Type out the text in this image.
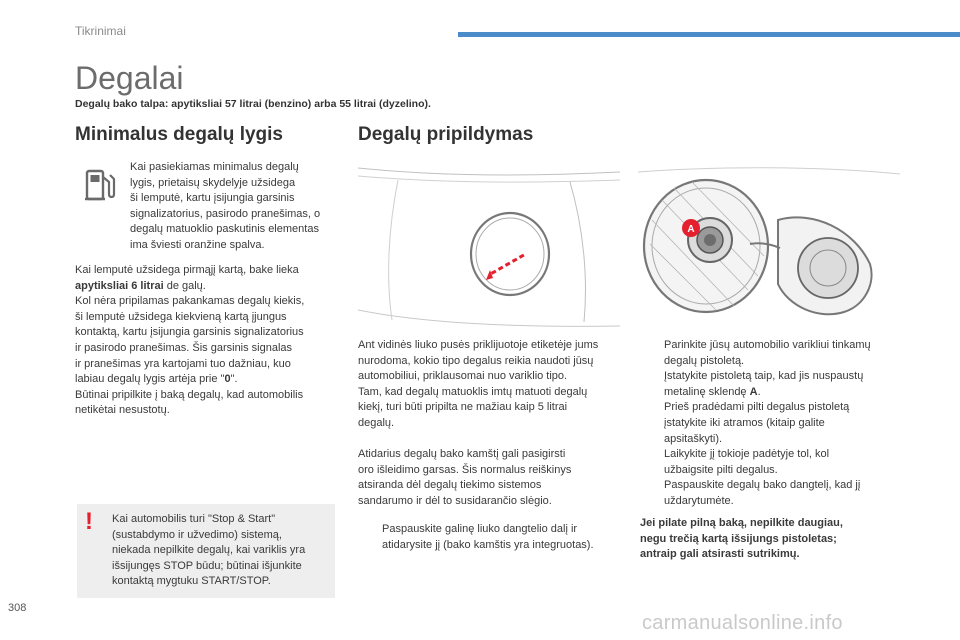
Tikrinimai
Degalai
Degalų bako talpa: apytiksliai 57 litrai (benzino) arba 55 litrai (dyzelino).
Minimalus degalų lygis
Kai pasiekiamas minimalus degalų
lygis, prietaisų skydelyje užsidega
ši lemputė, kartu įsijungia garsinis
signalizatorius, pasirodo pranešimas, o
degalų matuoklio paskutinis elementas
ima šviesti oranžine spalva.
Kai lemputė užsidega pirmąjį kartą, bake lieka
apytiksliai 6 litrai de galų.
Kol nėra pripilamas pakankamas degalų kiekis,
ši lemputė užsidega kiekvieną kartą įjungus
kontaktą, kartu įsijungia garsinis signalizatorius
ir pasirodo pranešimas. Šis garsinis signalas
ir pranešimas yra kartojami tuo dažniau, kuo
labiau degalų lygis artėja prie "0".
Būtinai pripilkite į baką degalų, kad automobilis
netikėtai nesustotų.
! Kai automobilis turi "Stop & Start"
(sustabdymo ir užvedimo) sistemą,
niekada nepilkite degalų, kai variklis yra
išsijungęs STOP būdu; būtinai išjunkite
kontaktą mygtuku START/STOP.
Degalų pripildymas
A
Ant vidinės liuko pusės priklijuotoje etiketėje jums
nurodoma, kokio tipo degalus reikia naudoti jūsų
automobiliui, priklausomai nuo variklio tipo.
Tam, kad degalų matuoklis imtų matuoti degalų
kiekį, turi būti pripilta ne mažiau kaip 5 litrai
degalų.
Atidarius degalų bako kamštį gali pasigirsti
oro išleidimo garsas. Šis normalus reiškinys
atsiranda dėl degalų tiekimo sistemos
sandarumo ir dėl to susidarančio slėgio.
Paspauskite galinę liuko dangtelio dalį ir
atidarysite jį (bako kamštis yra integruotas).
Parinkite jūsų automobilio varikliui tinkamų
degalų pistoletą.
Įstatykite pistoletą taip, kad jis nuspaustų
metalinę sklendę A.
Prieš pradėdami pilti degalus pistoletą
įstatykite iki atramos (kitaip galite
apsitaškyti).
Laikykite jį tokioje padėtyje tol, kol
užbaigsite pilti degalus.
Paspauskite degalų bako dangtelį, kad jį
uždarytumėte.
Jei pilate pilną baką, nepilkite daugiau,
negu trečią kartą išsijungs pistoletas;
antraip gali atsirasti sutrikimų.
308
carmanualsonline.info
